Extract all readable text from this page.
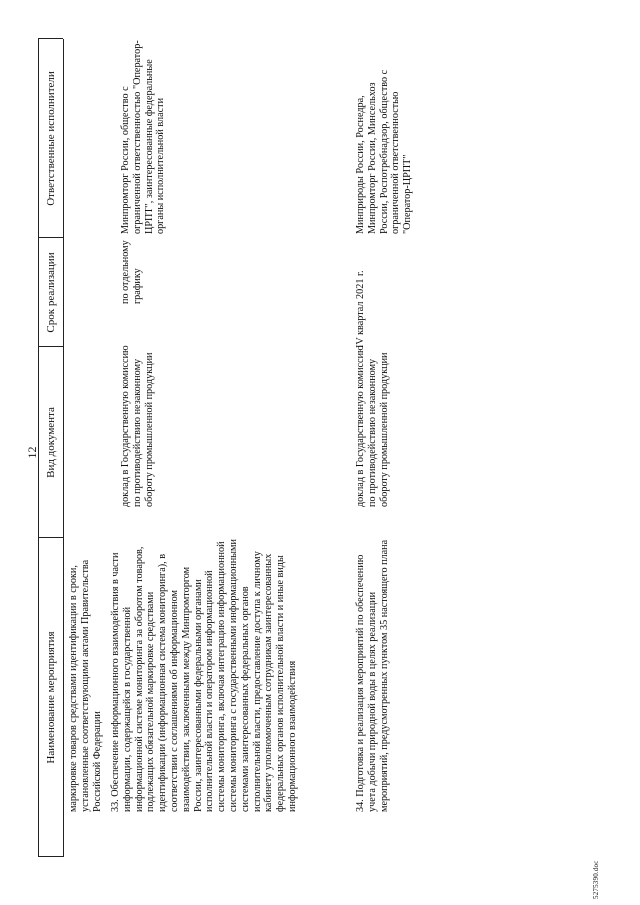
12
Наименование мероприятия
Вид документа
Срок реализации
Ответственные исполнители

маркировке товаров средствами идентификации в сроки, установленные соответствующими актами Правительства Российской Федерации 33. Обеспечение информационного взаимодействия в части информации, содержащейся в государственной информационной системе мониторинга за оборотом товаров, подлежащих обязательной маркировке средствами идентификации (информационная система мониторинга), в соответствии с соглашениями об информационном взаимодействии, заключенными между Минпромторгом России, заинтересованными федеральными органами исполнительной власти и оператором информационной системы мониторинга, включая интеграцию информационной системы мониторинга с государственными информационными системами заинтересованных федеральных органов исполнительной власти, предоставление доступа к личному кабинету уполномоченным сотрудникам заинтересованных федеральных органов исполнительной власти и иные виды информационного взаимодействия

доклад в Государственную комиссию по противодействию незаконному обороту промышленной продукции

по отдельному графику

Минпромторг России, общество с ограниченной ответственностью "Оператор-ЦРПТ", заинтересованные федеральные органы исполнительной власти

34. Подготовка и реализация мероприятий по обеспечению учета добычи природной воды в целях реализации мероприятий, предусмотренных пунктом 35 настоящего плана

доклад в Государственную комиссию по противодействию незаконному обороту промышленной продукции

IV квартал 2021 г.

Минприроды России, Роснедра, Минпромторг России, Минсельхоз России, Роспотребнадзор, общество с ограниченной ответственностью "Оператор-ЦРПТ"

5275390.doc
